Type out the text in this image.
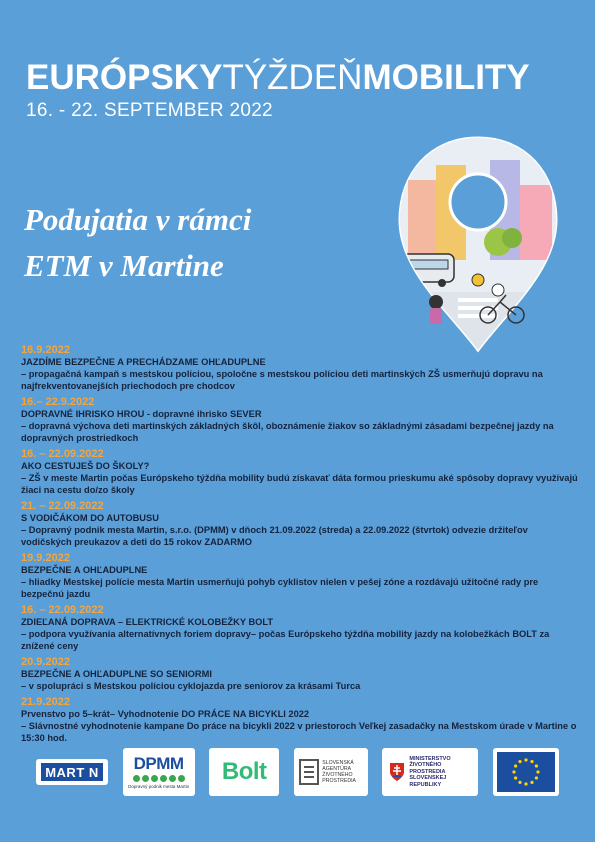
EURÓPSKYTÝŽDEŇMOBILITY
16. - 22. SEPTEMBER 2022
Podujatia v rámci
ETM v Martine
16.9.2022
JAZDÍME BEZPEČNE A PRECHÁDZAME OHĽADUPLNE
– propagačná kampaň s mestskou políciou, spoločne s mestskou políciou deti martinských ZŠ usmerňujú dopravu na najfrekventovanejších priechodoch pre chodcov
16.– 22.9.2022
DOPRAVNÉ IHRISKO HROU - dopravné ihrisko SEVER
– dopravná výchova deti martinských základných škôl, oboznámenie žiakov so základnými zásadami bezpečnej jazdy na dopravných prostriedkoch
16. – 22.09.2022
AKO CESTUJEŠ DO ŠKOLY?
– ZŠ v meste Martin počas Európskeho týždňa mobility budú získavať dáta formou prieskumu aké spôsoby dopravy využívajú žiaci na cestu do/zo školy
21. – 22.09.2022
S VODIČÁKOM DO AUTOBUSU
– Dopravný podnik mesta Martin, s.r.o. (DPMM) v dňoch 21.09.2022 (streda) a 22.09.2022 (štvrtok) odvezie držiteľov vodičských preukazov a deti do 15 rokov ZADARMO
19.9.2022
BEZPEČNE A OHĽADUPLNE
– hliadky Mestskej polície mesta Martin usmerňujú pohyb cyklistov nielen v pešej zóne a rozdávajú užitočné rady pre bezpečnú jazdu
16. – 22.09.2022
ZDIEĽANÁ DOPRAVA – ELEKTRICKÉ KOLOBEŽKY BOLT
– podpora využívania alternatívnych foriem dopravy– počas Európskeho týždňa mobility jazdy na kolobežkách BOLT za znížené ceny
20.9.2022
BEZPEČNE A OHĽADUPLNE SO SENIORMI
– v spolupráci s Mestskou políciou cyklojazda pre seniorov za krásami Turca
21.9.2022
Prvenstvo po 5–krát– Vyhodnotenie DO PRÁCE NA BICYKLI 2022
– Slávnostné vyhodnotenie kampane Do práce na bicykli 2022 v priestoroch Veľkej zasadačky na Mestskom úrade v Martine o 15:30 hod.
MART N DPMM
Dopravný podnik mesta Martin
Bolt	SLOVENSKÁ AGENTÚRA ŽIVOTNÉHO PROSTREDIA
MINISTERSTVO ŽIVOTNÉHO PROSTREDIA SLOVENSKEJ REPUBLIKY
